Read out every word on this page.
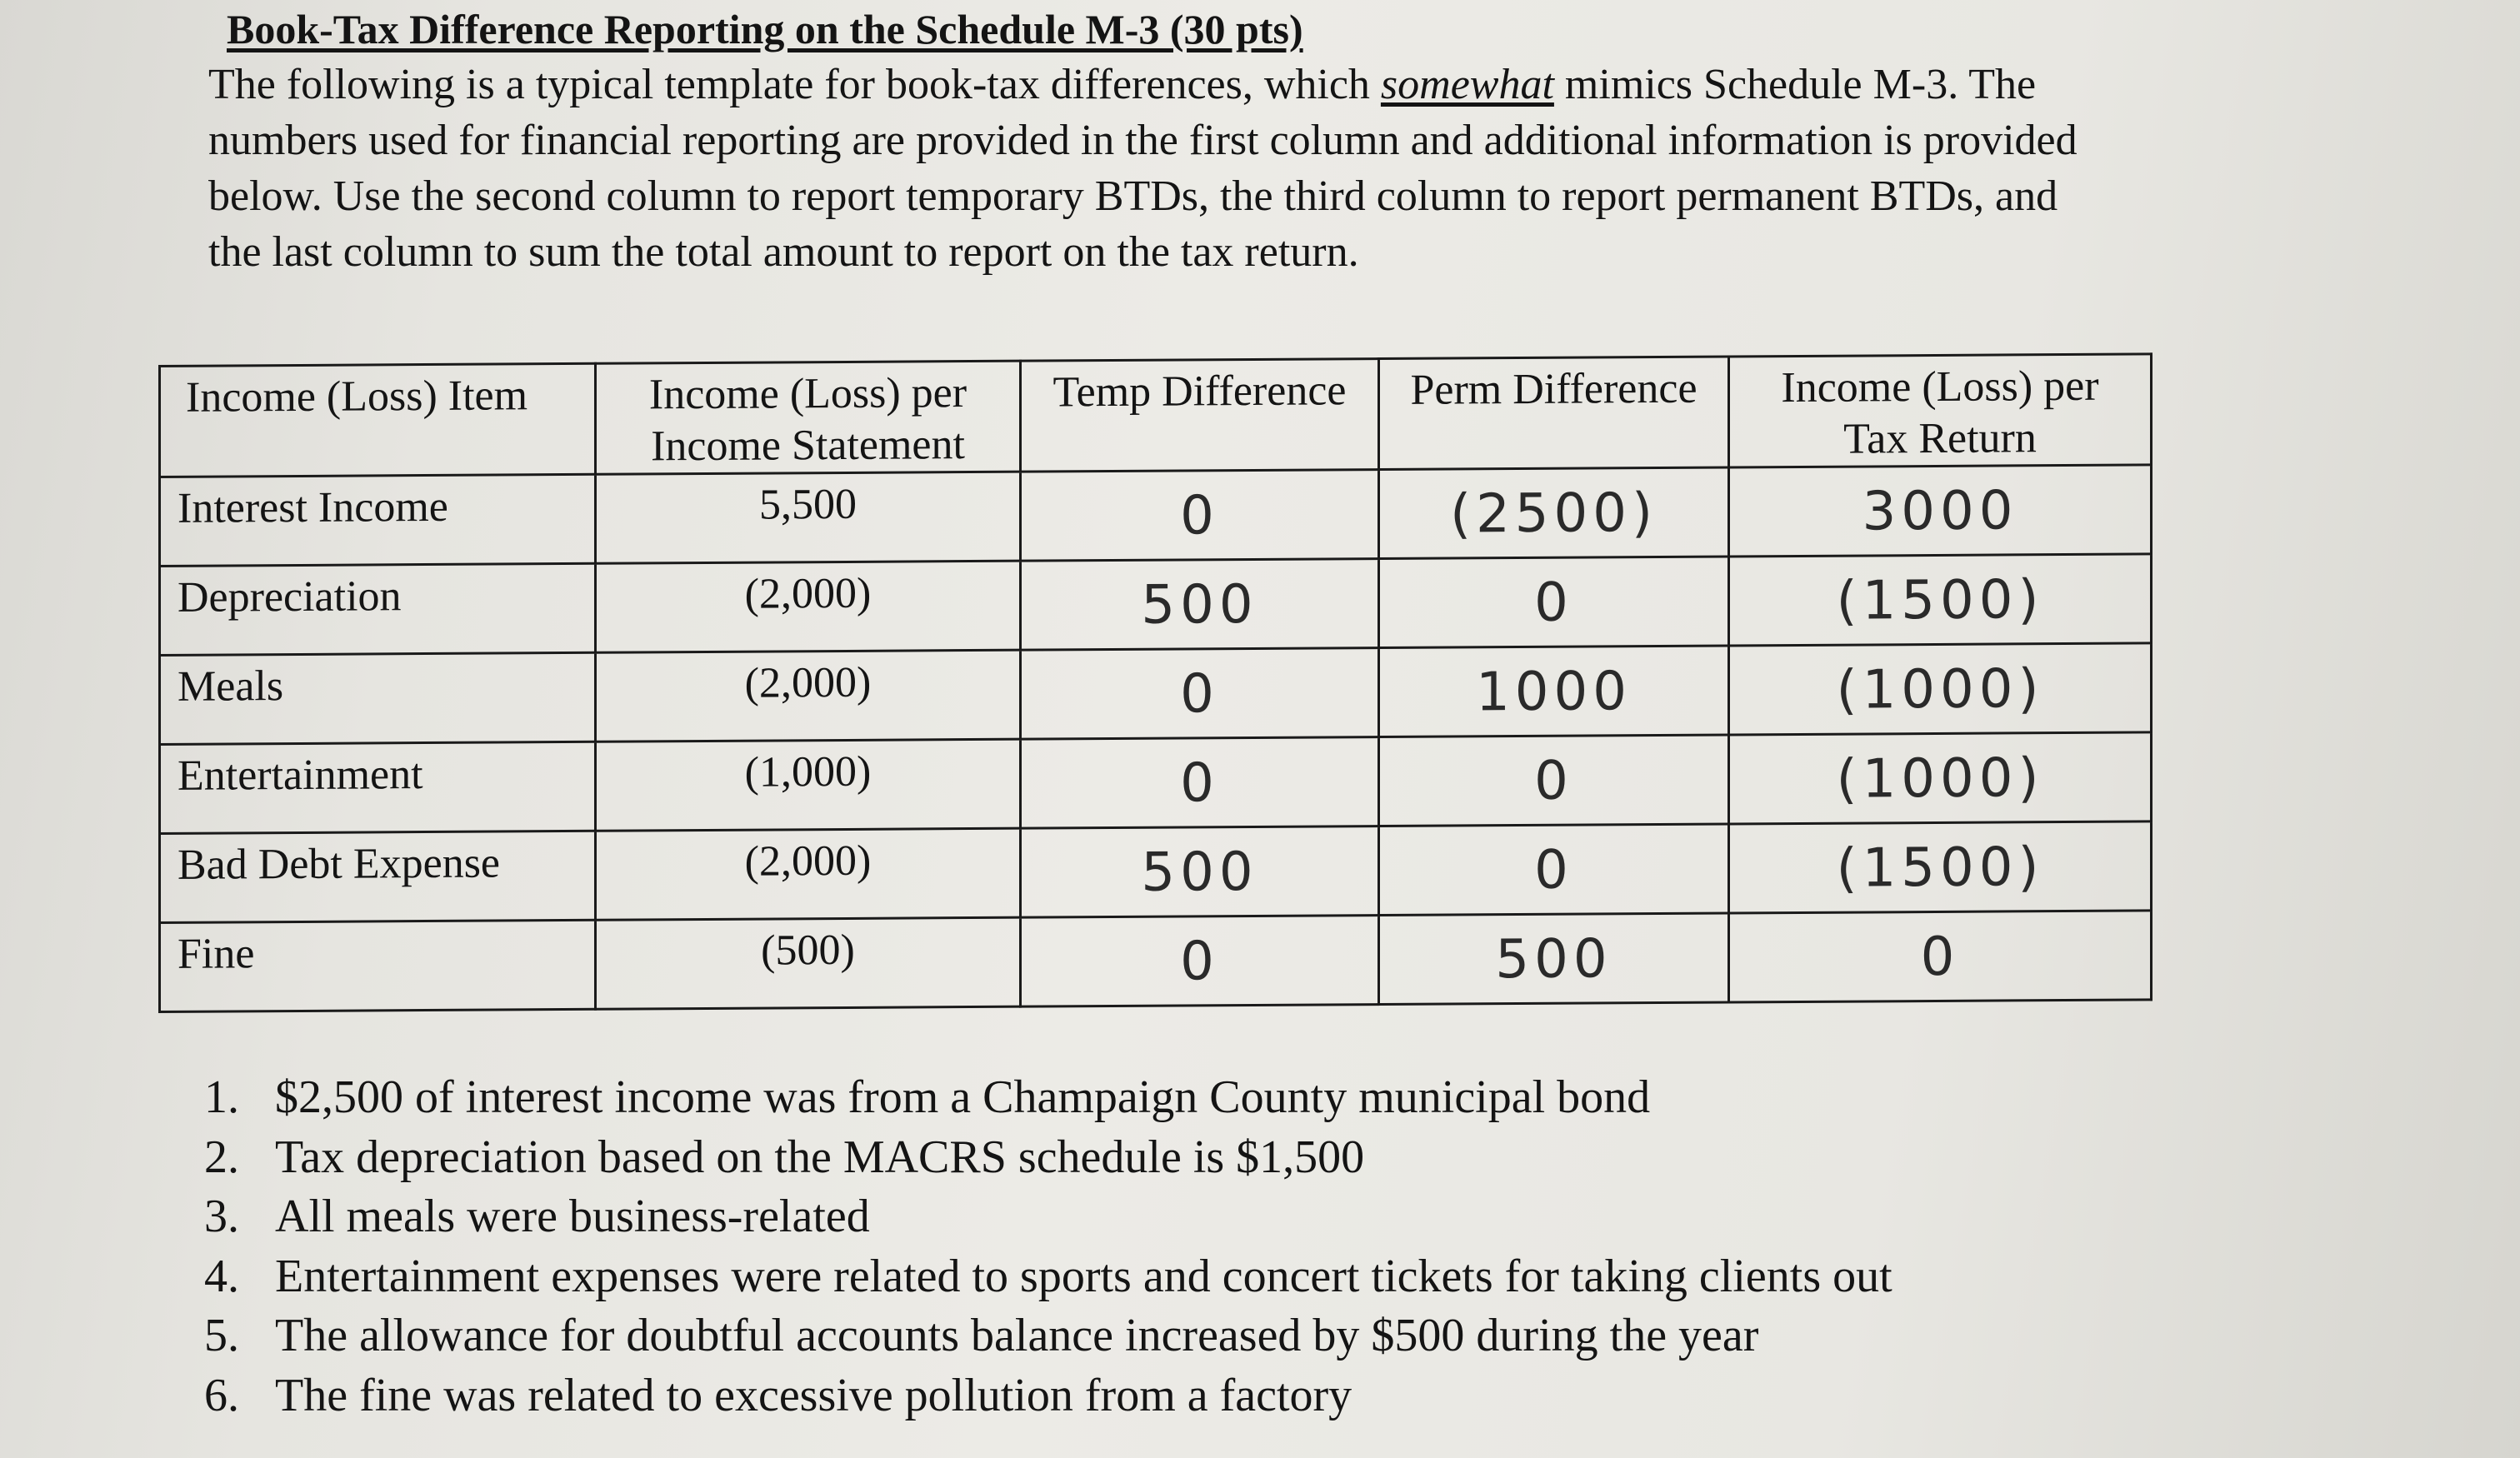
Book-Tax Difference Reporting on the Schedule M-3 (30 pts)

The following is a typical template for book-tax differences, which somewhat mimics Schedule M-3. The numbers used for financial reporting are provided in the first column and additional information is provided below. Use the second column to report temporary BTDs, the third column to report permanent BTDs, and the last column to sum the total amount to report on the tax return.

Income (Loss) Item	Income (Loss) per Income Statement	Temp Difference	Perm Difference	Income (Loss) per Tax Return
Interest Income	5,500	0	(2500)	3000
Depreciation	(2,000)	500	0	(1500)
Meals	(2,000)	0	1000	(1000)
Entertainment	(1,000)	0	0	(1000)
Bad Debt Expense	(2,000)	500	0	(1500)
Fine	(500)	0	500	0
1. $2,500 of interest income was from a Champaign County municipal bond
2. Tax depreciation based on the MACRS schedule is $1,500
3. All meals were business-related
4. Entertainment expenses were related to sports and concert tickets for taking clients out
5. The allowance for doubtful accounts balance increased by $500 during the year
6. The fine was related to excessive pollution from a factory
